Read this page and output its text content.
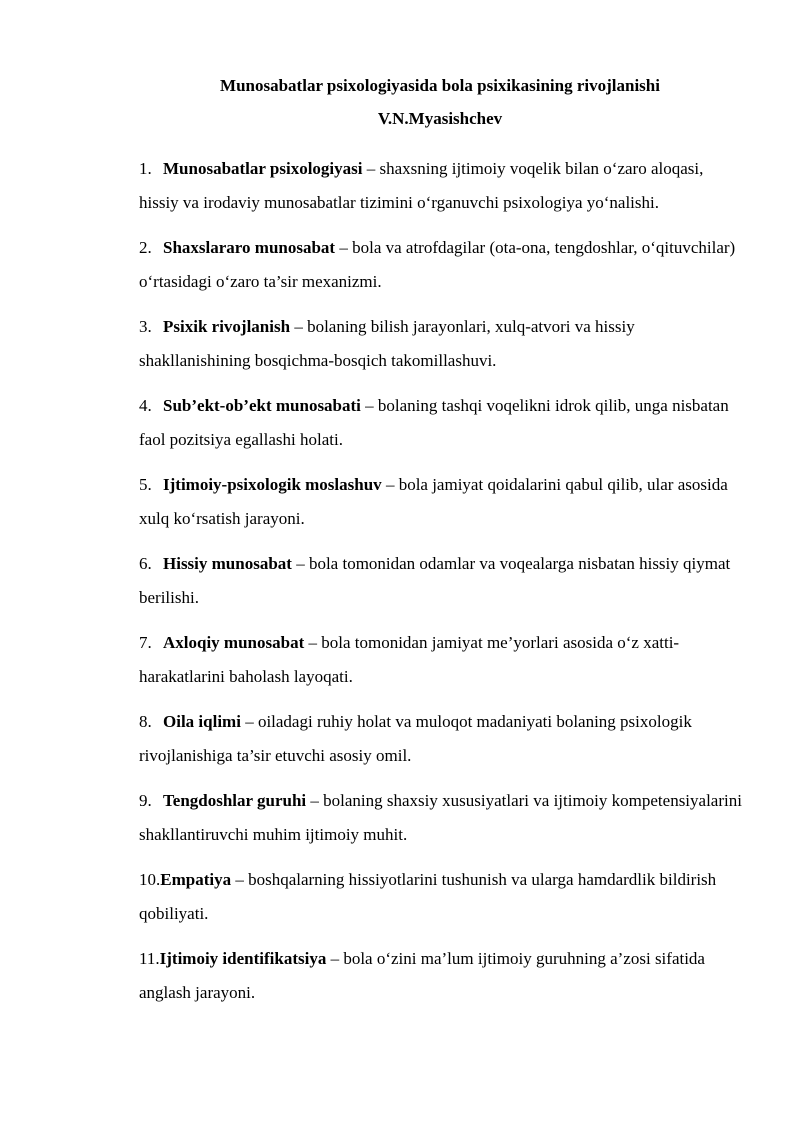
Munosabatlar psixologiyasida bola psixikasining rivojlanishi
V.N.Myasishchev
1. Munosabatlar psixologiyasi – shaxsning ijtimoiy voqelik bilan o‘zaro aloqasi, hissiy va irodaviy munosabatlar tizimini o‘rganuvchi psixologiya yo‘nalishi.
2. Shaxslararo munosabat – bola va atrofdagilar (ota-ona, tengdoshlar, o‘qituvchilar) o‘rtasidagi o‘zaro ta’sir mexanizmi.
3. Psixik rivojlanish – bolaning bilish jarayonlari, xulq-atvori va hissiy shakllanishining bosqichma-bosqich takomillashuvi.
4. Sub’ekt-ob’ekt munosabati – bolaning tashqi voqelikni idrok qilib, unga nisbatan faol pozitsiya egallashi holati.
5. Ijtimoiy-psixologik moslashuv – bola jamiyat qoidalarini qabul qilib, ular asosida xulq ko‘rsatish jarayoni.
6. Hissiy munosabat – bola tomonidan odamlar va voqealarga nisbatan hissiy qiymat berilishi.
7. Axloqiy munosabat – bola tomonidan jamiyat me’yorlari asosida o‘z xatti-harakatlarini baholash layoqati.
8. Oila iqlimi – oiladagi ruhiy holat va muloqot madaniyati bolaning psixologik rivojlanishiga ta’sir etuvchi asosiy omil.
9. Tengdoshlar guruhi – bolaning shaxsiy xususiyatlari va ijtimoiy kompetensiyalarini shakllantiruvchi muhim ijtimoiy muhit.
10.Empatiya – boshqalarning hissiyotlarini tushunish va ularga hamdardlik bildirish qobiliyati.
11.Ijtimoiy identifikatsiya – bola o‘zini ma’lum ijtimoiy guruhning a’zosi sifatida anglash jarayoni.
